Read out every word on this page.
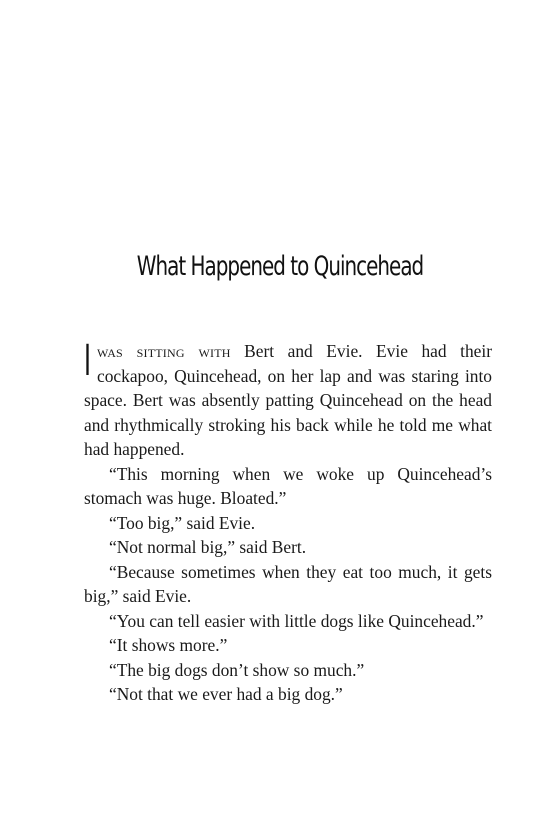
What Happened to Quincehead

Iwas sitting with Bert and Evie. Evie had their cockapoo, Quincehead, on her lap and was staring into space. Bert was absently patting Quincehead on the head and rhythmically stroking his back while he told me what had happened.

“This morning when we woke up Quincehead’s stomach was huge. Bloated.”

“Too big,” said Evie.

“Not normal big,” said Bert.

“Because sometimes when they eat too much, it gets big,” said Evie.

“You can tell easier with little dogs like Quincehead.”

“It shows more.”

“The big dogs don’t show so much.”

“Not that we ever had a big dog.”
